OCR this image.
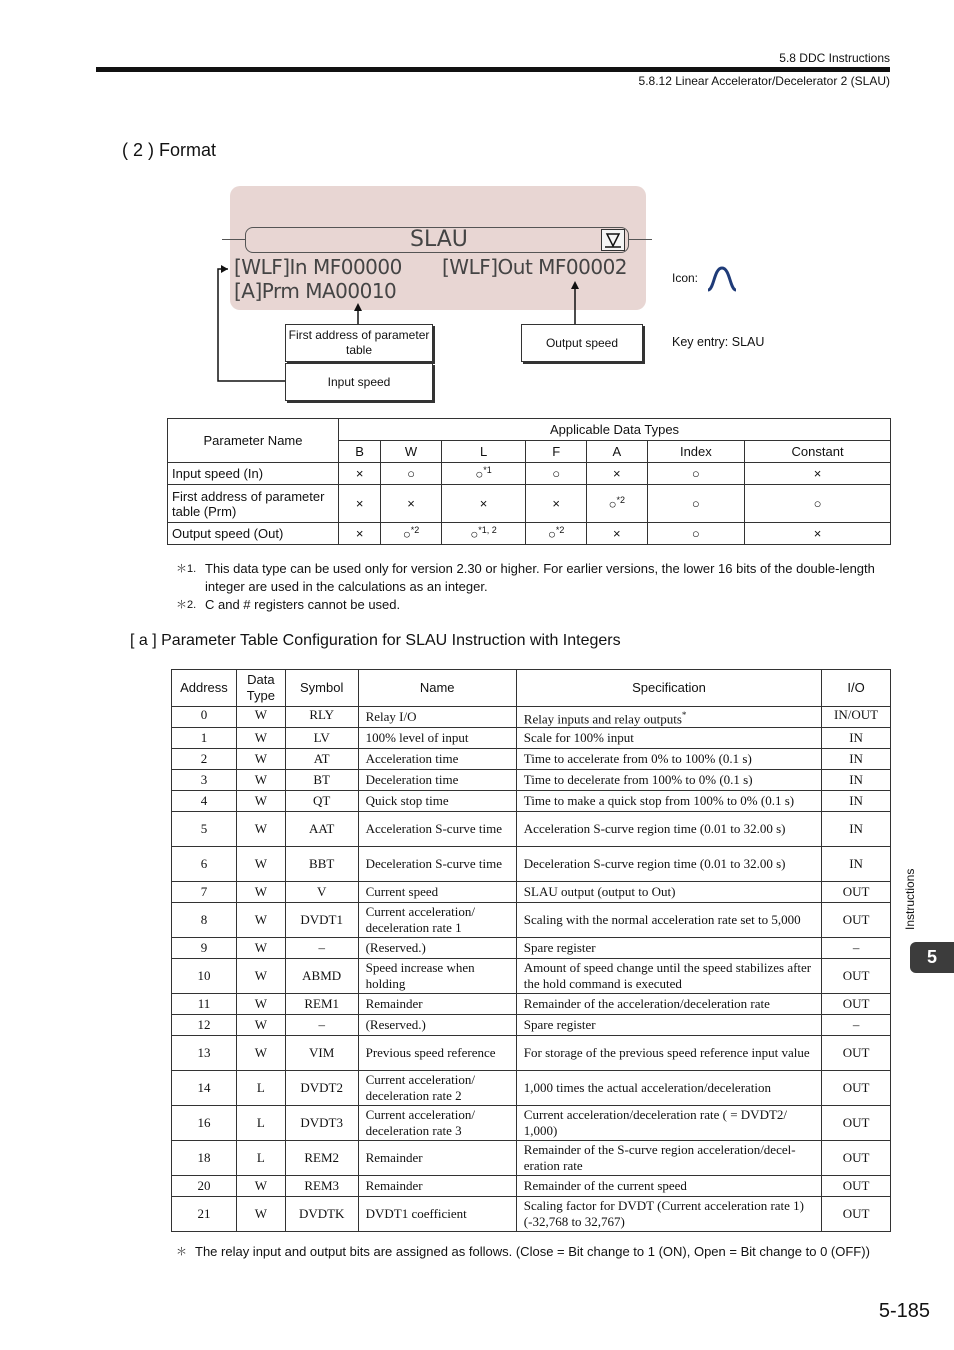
5.8 DDC Instructions
5.8.12 Linear Accelerator/Decelerator 2 (SLAU)
( 2 ) Format
SLAU
[WLF]In MF00000 [WLF]Out MF00002
[A]Prm MA00010
First address of parameter table
Input speed
Output speed
Icon:
Key entry: SLAU
Parameter Name	Applicable Data Types						
	B	W	L	F	A	Index	Constant
Input speed (In)	×	○	○$^{*1}$	○	×	○	×
First address of parameter table (Prm)	×	×	×	×	○$^{*2}$	○	○
Output speed (Out)	×	○$^{*2}$	○$^{*1, 2}$	○$^{*2}$	×	○	×
＊1. This data type can be used only for version 2.30 or higher. For earlier versions, the lower 16 bits of the double-length integer are used in the calculations as an integer.
＊2. C and # registers cannot be used.
[ a ] Parameter Table Configuration for SLAU Instruction with Integers
Address	Data Type	Symbol	Name	Specification	I/O
0	W	RLY	Relay I/O	Relay inputs and relay outputs*	IN/OUT
1	W	LV	100% level of input	Scale for 100% input	IN
2	W	AT	Acceleration time	Time to accelerate from 0% to 100% (0.1 s)	IN
3	W	BT	Deceleration time	Time to decelerate from 100% to 0% (0.1 s)	IN
4	W	QT	Quick stop time	Time to make a quick stop from 100% to 0% (0.1 s)	IN
5	W	AAT	Acceleration S-curve time	Acceleration S-curve region time (0.01 to 32.00 s)	IN
6	W	BBT	Deceleration S-curve time	Deceleration S-curve region time (0.01 to 32.00 s)	IN
7	W	V	Current speed	SLAU output (output to Out)	OUT
8	W	DVDT1	Current acceleration/ deceleration rate 1	Scaling with the normal acceleration rate set to 5,000	OUT
9	W	–	(Reserved.)	Spare register	–
10	W	ABMD	Speed increase when holding	Amount of speed change until the speed stabilizes after the hold command is executed	OUT
11	W	REM1	Remainder	Remainder of the acceleration/deceleration rate	OUT
12	W	–	(Reserved.)	Spare register	–
13	W	VIM	Previous speed reference	For storage of the previous speed reference input value	OUT
14	L	DVDT2	Current acceleration/ deceleration rate 2	1,000 times the actual acceleration/deceleration	OUT
16	L	DVDT3	Current acceleration/ deceleration rate 3	Current acceleration/deceleration rate ( = DVDT2/ 1,000)	OUT
18	L	REM2	Remainder	Remainder of the S-curve region acceleration/decel- eration rate	OUT
20	W	REM3	Remainder	Remainder of the current speed	OUT
21	W	DVDTK	DVDT1 coefficient	Scaling factor for DVDT (Current acceleration rate 1) (-32,768 to 32,767)	OUT
＊ The relay input and output bits are assigned as follows. (Close = Bit change to 1 (ON), Open = Bit change to 0 (OFF))
Instructions
5
5-185
